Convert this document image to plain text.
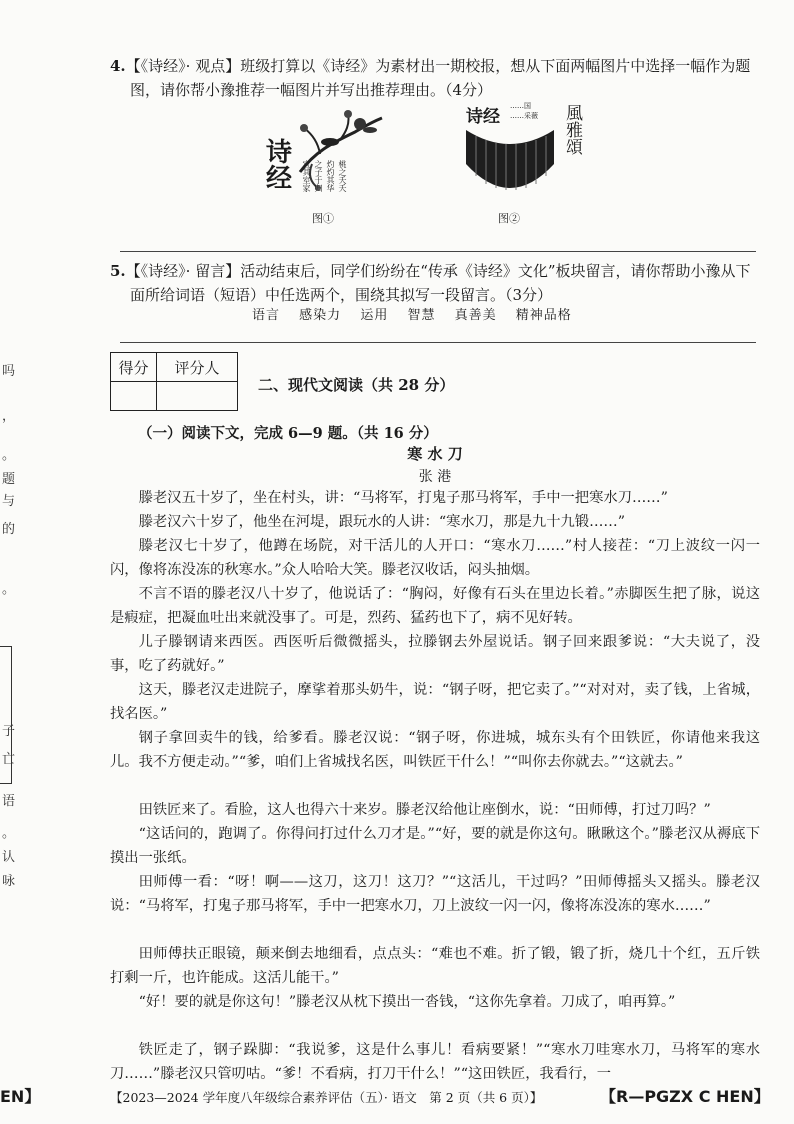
吗
，
。
题
与
的
。
子
亡
语
。
认
咏
EN】
4.【《诗经》· 观点】班级打算以《诗经》为素材出一期校报，想从下面两幅图片中选择一幅作为题图，请你帮小豫推荐一幅图片并写出推荐理由。（4分）
诗经	宜其室家 之子于归 灼灼其华 桃之夭夭
图①
诗经
……国
……采薇 風雅頌
图②
5.【《诗经》· 留言】活动结束后，同学们纷纷在“传承《诗经》文化”板块留言，请你帮助小豫从下面所给词语（短语）中任选两个，围绕其拟写一段留言。（3分）
语言 感染力 运用 智慧 真善美 精神品格
得分	评分人

二、现代文阅读（共 28 分）
（一）阅读下文，完成 6—9 题。（共 16 分）
寒 水 刀
张 港
滕老汉五十岁了，坐在村头，讲：“马将军，打鬼子那马将军，手中一把寒水刀……”
滕老汉六十岁了，他坐在河堤，跟玩水的人讲：“寒水刀，那是九十九锻……”
滕老汉七十岁了，他蹲在场院，对干活儿的人开口：“寒水刀……”村人接茬：“刀上波纹一闪一闪，像将冻没冻的秋寒水。”众人哈哈大笑。滕老汉收话，闷头抽烟。
不言不语的滕老汉八十岁了，他说话了：“胸闷，好像有石头在里边长着。”赤脚医生把了脉，说这是瘕症，把凝血吐出来就没事了。可是，烈药、猛药也下了，病不见好转。
儿子滕钢请来西医。西医听后微微摇头，拉滕钢去外屋说话。钢子回来跟爹说：“大夫说了，没事，吃了药就好。”
这天，滕老汉走进院子，摩挲着那头奶牛，说：“钢子呀，把它卖了。”“对对对，卖了钱，上省城，找名医。”
钢子拿回卖牛的钱，给爹看。滕老汉说：“钢子呀，你进城，城东头有个田铁匠，你请他来我这儿。我不方便走动。”“爹，咱们上省城找名医，叫铁匠干什么！”“叫你去你就去。”“这就去。”
田铁匠来了。看脸，这人也得六十来岁。滕老汉给他让座倒水，说：“田师傅，打过刀吗？”
“这话问的，跑调了。你得问打过什么刀才是。”“好，要的就是你这句。瞅瞅这个。”滕老汉从褥底下摸出一张纸。
田师傅一看：“呀！啊——这刀，这刀！这刀？”“这活儿，干过吗？”田师傅摇头又摇头。滕老汉说：“马将军，打鬼子那马将军，手中一把寒水刀，刀上波纹一闪一闪，像将冻没冻的寒水……”
田师傅扶正眼镜，颠来倒去地细看，点点头：“难也不难。折了锻，锻了折，烧几十个红，五斤铁打剩一斤，也许能成。这活儿能干。”
“好！要的就是你这句！”滕老汉从枕下摸出一沓钱，“这你先拿着。刀成了，咱再算。”
铁匠走了，钢子跺脚：“我说爹，这是什么事儿！看病要紧！”“寒水刀哇寒水刀，马将军的寒水刀……”滕老汉只管叨咕。“爹！不看病，打刀干什么！”“这田铁匠，我看行，一
【2023—2024 学年度八年级综合素养评估（五）· 语文　第 2 页（共 6 页）】	【R—PGZX C HEN】
